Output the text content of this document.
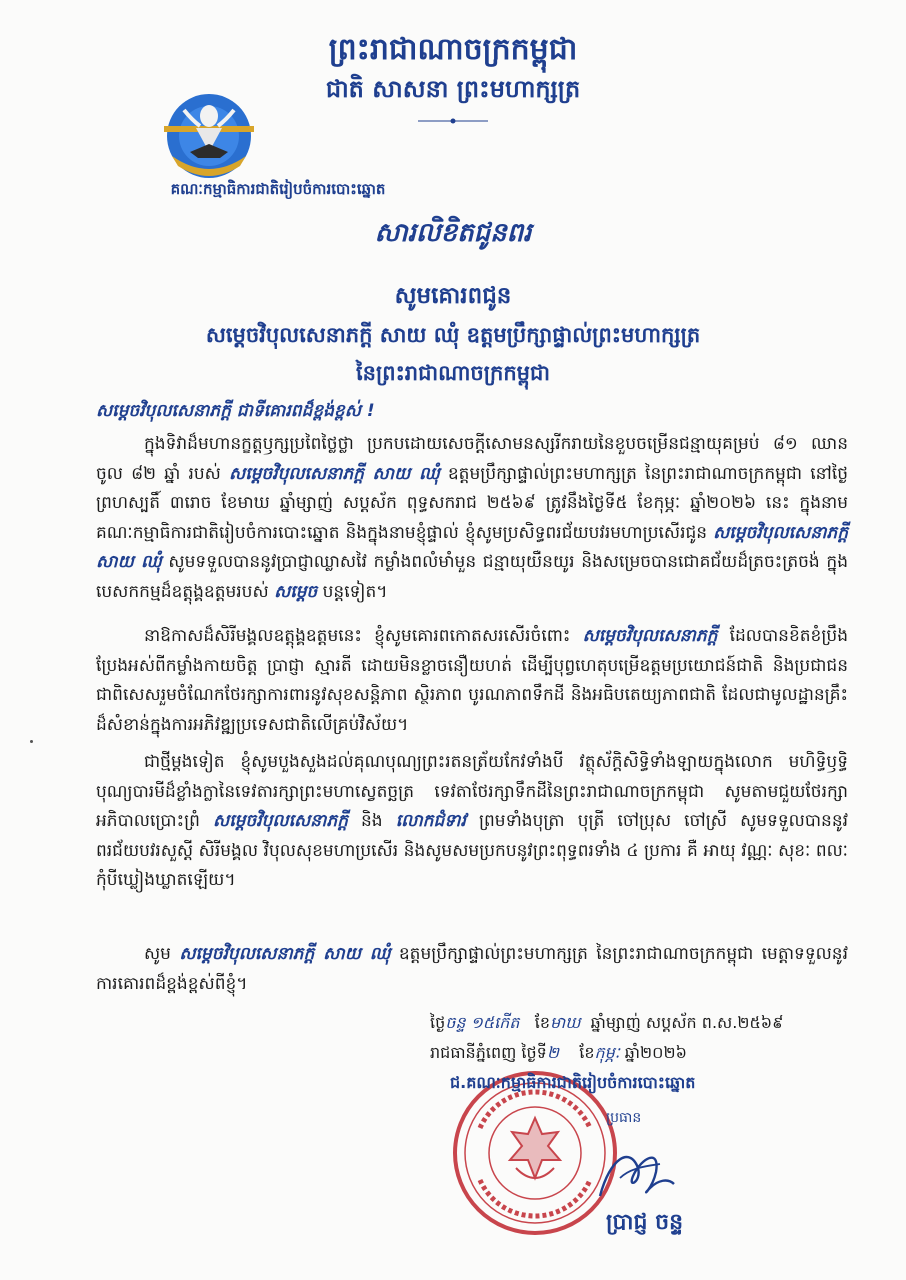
ព្រះរាជាណាចក្រកម្ពុជា
ជាតិ សាសនា ព្រះមហាក្សត្រ
គណៈកម្មាធិការជាតិរៀបចំការបោះឆ្នោត
សារលិខិតជូនពរ
សូមគោរពជូន
សម្តេចវិបុលសេនាភក្តី សាយ ឈុំ ឧត្តមប្រឹក្សាផ្ទាល់ព្រះមហាក្សត្រ
នៃព្រះរាជាណាចក្រកម្ពុជា
សម្តេចវិបុលសេនាភក្តី ជាទីគោរពដ៏ខ្ពង់ខ្ពស់ !
ក្នុងទិវាដ៏មហានក្ខត្តឫក្សប្រពៃថ្លៃថ្លា ប្រកបដោយសេចក្តីសោមនស្សរីករាយនៃខួបចម្រើនជន្មាយុគម្រប់ ៨១ ឈានចូល ៨២ ឆ្នាំ របស់ សម្តេចវិបុលសេនាភក្តី សាយ ឈុំ ឧត្តមប្រឹក្សាផ្ទាល់ព្រះមហាក្សត្រ នៃព្រះរាជាណាចក្រកម្ពុជា នៅថ្ងៃព្រហស្បតិ៍ ៣រោច ខែមាឃ ឆ្នាំម្សាញ់ សប្តស័ក ពុទ្ធសករាជ ២៥៦៩ ត្រូវនឹងថ្ងៃទី៥ ខែកុម្ភៈ ឆ្នាំ២០២៦ នេះ ក្នុងនាមគណៈកម្មាធិការជាតិរៀបចំការបោះឆ្នោត និងក្នុងនាមខ្ញុំផ្ទាល់ ខ្ញុំសូមប្រសិទ្ធពរជ័យបវរមហាប្រសើរជូន សម្តេចវិបុលសេនាភក្តី សាយ ឈុំ សូមទទួលបាននូវប្រាជ្ញាឈ្លាសវៃ កម្លាំងពលំមាំមួន ជន្មាយុយឺនយូរ និងសម្រេចបានជោគជ័យដ៏ត្រចះត្រចង់ ក្នុងបេសកកម្មដ៏ឧត្តុង្គឧត្តមរបស់ សម្តេច បន្តទៀត។
នាឱកាសដ៏សិរីមង្គលឧត្តុង្គឧត្តមនេះ ខ្ញុំសូមគោរពកោតសរសើរចំពោះ សម្តេចវិបុលសេនាភក្តី ដែលបានខិតខំប្រឹងប្រែងអស់ពីកម្លាំងកាយចិត្ត ប្រាជ្ញា ស្មារតី ដោយមិនខ្លាចនឿយហត់ ដើម្បីបុព្វហេតុបម្រើឧត្តមប្រយោជន៍ជាតិ និងប្រជាជន ជាពិសេសរួមចំណែកថែរក្សាការពារនូវសុខសន្តិភាព ស្ថិរភាព បូរណភាពទឹកដី និងអធិបតេយ្យភាពជាតិ ដែលជាមូលដ្ឋានគ្រឹះដ៏សំខាន់ក្នុងការអភិវឌ្ឍប្រទេសជាតិលើគ្រប់វិស័យ។
ជាថ្មីម្តងទៀត ខ្ញុំសូមបួងសួងដល់គុណបុណ្យព្រះរតនត្រ័យកែវទាំងបី វត្ថុស័ក្តិសិទ្ធិទាំងឡាយក្នុងលោក មហិទ្ធិឫទ្ធិបុណ្យបារមីដ៏ខ្លាំងក្លានៃទេវតារក្សាព្រះមហាស្វេតច្ឆត្រ ទេវតាថែរក្សាទឹកដីនៃព្រះរាជាណាចក្រកម្ពុជា សូមតាមជួយថែរក្សាអភិបាលប្រោះព្រំ សម្តេចវិបុលសេនាភក្តី និង លោកជំទាវ ព្រមទាំងបុត្រា បុត្រី ចៅប្រុស ចៅស្រី សូមទទួលបាននូវពរជ័យបវរសួស្តី សិរីមង្គល វិបុលសុខមហាប្រសើរ និងសូមសមប្រកបនូវព្រះពុទ្ធពរទាំង ៤ ប្រការ គឺ អាយុ វណ្ណៈ សុខៈ ពលៈ កុំបីឃ្លៀងឃ្លាតឡើយ។
សូម សម្តេចវិបុលសេនាភក្តី សាយ ឈុំ ឧត្តមប្រឹក្សាផ្ទាល់ព្រះមហាក្សត្រ នៃព្រះរាជាណាចក្រកម្ពុជា មេត្តាទទួលនូវការគោរពដ៏ខ្ពង់ខ្ពស់ពីខ្ញុំ។
ថ្ងៃចន្ទ ១៥កើត ខែមាឃ ឆ្នាំម្សាញ់ សប្តស័ក ព.ស.២៥៦៩
រាជធានីភ្នំពេញ ថ្ងៃទី២ ខែកុម្ភៈ ឆ្នាំ២០២៦
ជ.គណៈកម្មាធិការជាតិរៀបចំការបោះឆ្នោត
ប្រធាន
ប្រាជ្ញ ចន្ទ
